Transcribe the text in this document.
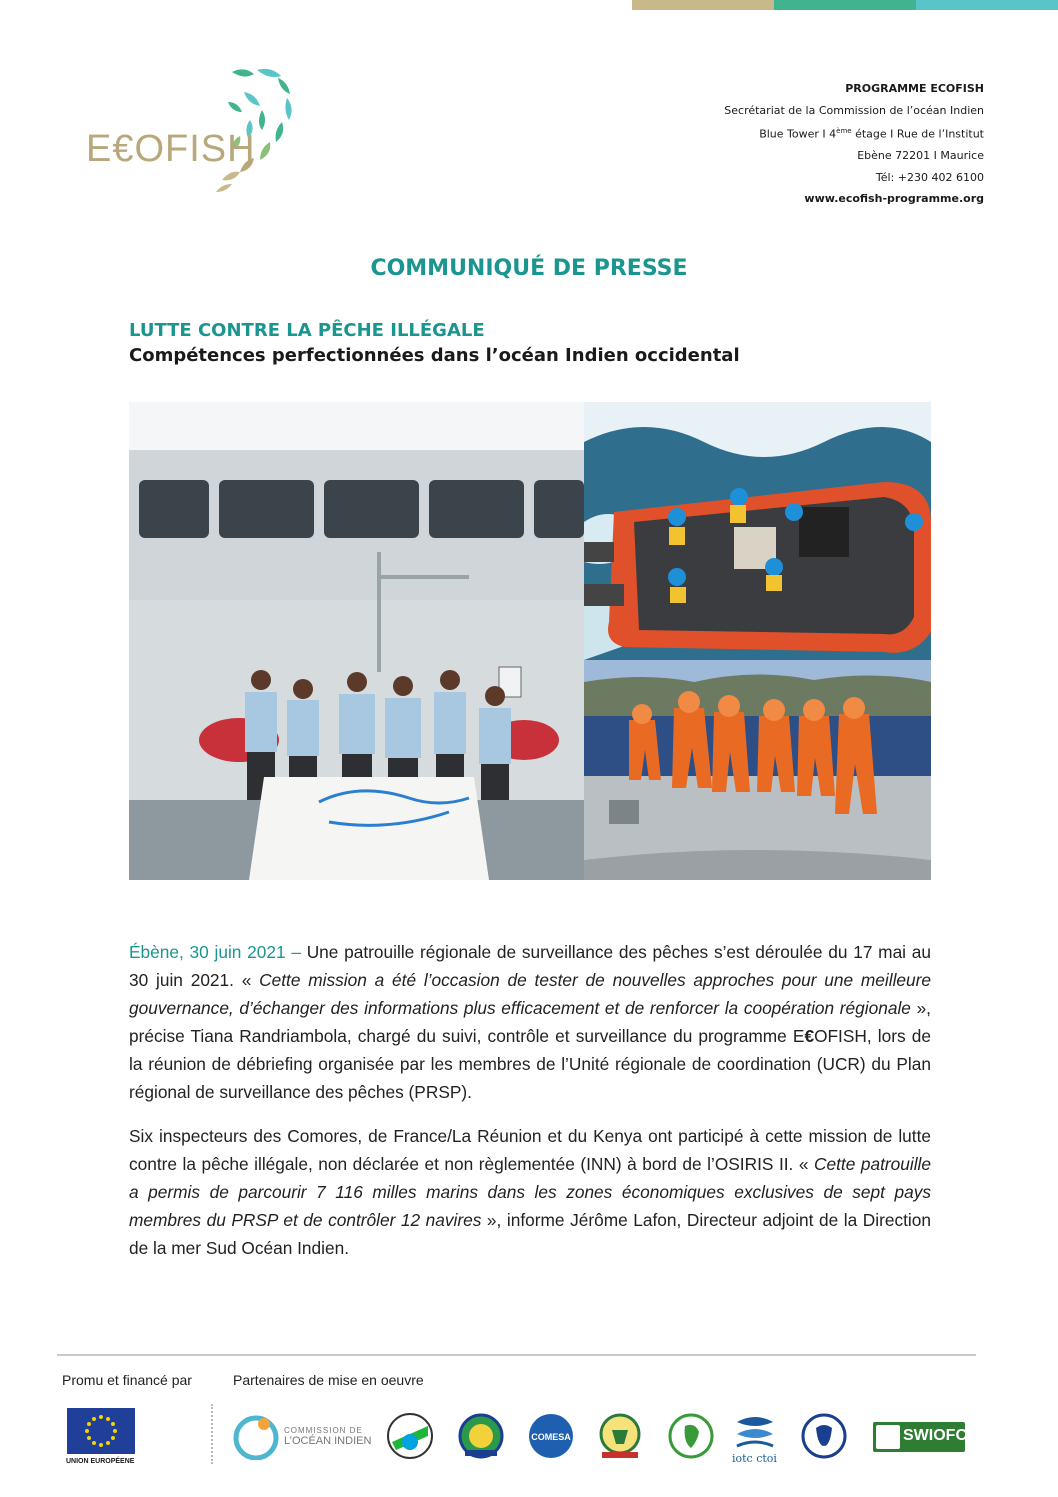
E€OFISH
PROGRAMME ECOFISH
Secrétariat de la Commission de l’océan Indien
Blue Tower I 4ème étage I Rue de l’Institut
Ebène 72201 I Maurice
Tél: +230 402 6100
www.ecofish-programme.org
COMMUNIQUÉ DE PRESSE
LUTTE CONTRE LA PÊCHE ILLÉGALE
Compétences perfectionnées dans l’océan Indien occidental
Ébène, 30 juin 2021 – Une patrouille régionale de surveillance des pêches s’est déroulée du 17 mai au 30 juin 2021. « Cette mission a été l’occasion de tester de nouvelles approches pour une meilleure gouvernance, d’échanger des informations plus efficacement et de renforcer la coopération régionale », précise Tiana Randriambola, chargé du suivi, contrôle et surveillance du programme E€OFISH, lors de la réunion de débriefing organisée par les membres de l’Unité régionale de coordination (UCR) du Plan régional de surveillance des pêches (PRSP).
Six inspecteurs des Comores, de France/La Réunion et du Kenya ont participé à cette mission de lutte contre la pêche illégale, non déclarée et non règlementée (INN) à bord de l’OSIRIS II. « Cette patrouille a permis de parcourir 7 116 milles marins dans les zones économiques exclusives de sept pays membres du PRSP et de contrôler 12 navires », informe Jérôme Lafon, Directeur adjoint de la Direction de la mer Sud Océan Indien.
Promu et financé par	Partenaires de mise en oeuvre
UNION EUROPÉENE
COMMISSION DE
L’OCÉAN INDIEN	COMESA
iotc ctoi
SWIOFC
